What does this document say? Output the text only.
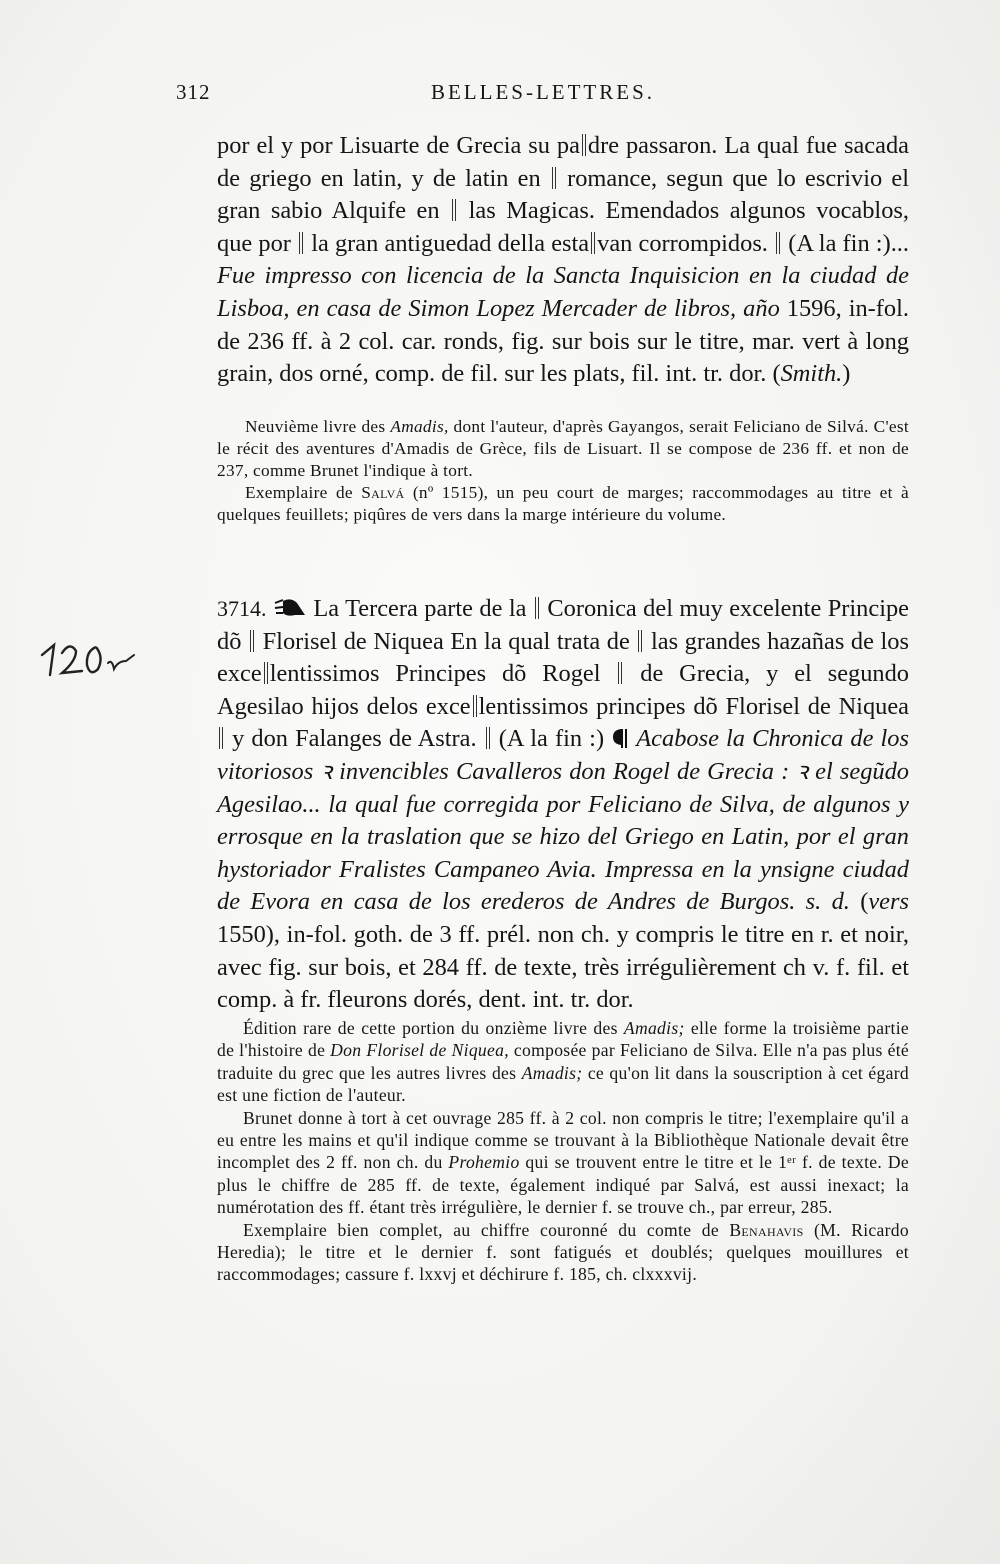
312	BELLES-LETTRES.
por el y por Lisuarte de Grecia su pa dre passaron. La qual fue sacada de griego en latin, y de latin en  romance, segun que lo escrivio el gran sabio Alquife en  las Magicas. Emendados algunos vocablos, que por  la gran antiguedad della esta van corrompidos.  (A la fin :)... Fue impresso con licencia de la Sancta Inquisicion en la ciudad de Lisboa, en casa de Simon Lopez Mercader de libros, año 1596, in-fol. de 236 ff. à 2 col. car. ronds, fig. sur bois sur le titre, mar. vert à long grain, dos orné, comp. de fil. sur les plats, fil. int. tr. dor. (Smith.)

Neuvième livre des Amadis, dont l'auteur, d'après Gayangos, serait Feliciano de Silvá. C'est le récit des aventures d'Amadis de Grèce, fils de Lisuart. Il se compose de 236 ff. et non de 237, comme Brunet l'indique à tort.

Exemplaire de Salvá (nº 1515), un peu court de marges; raccommodages au titre et à quelques feuillets; piqûres de vers dans la marge intérieure du volume.

3714.  La Tercera parte de la  Coronica del muy excelente Principe dõ  Florisel de Niquea En la qual trata de  las grandes hazañas de los exce lentissimos Principes dõ Rogel  de Grecia, y el segundo Agesilao hijos delos exce lentissimos principes dõ Florisel de Niquea  y don Falanges de Astra.  (A la fin :)  Acabose la Chronica de los vitoriosos ꝛ invencibles Cavalleros don Rogel de Grecia : ꝛ el segũdo Agesilao... la qual fue corregida por Feliciano de Silva, de algunos y errosque en la traslation que se hizo del Griego en Latin, por el gran hystoriador Fralistes Campaneo Avia. Impressa en la ynsigne ciudad de Evora en casa de los erederos de Andres de Burgos. s. d. (vers 1550), in-fol. goth. de 3 ff. prél. non ch. y compris le titre en r. et noir, avec fig. sur bois, et 284 ff. de texte, très irrégulièrement ch v. f. fil. et comp. à fr. fleurons dorés, dent. int. tr. dor.

Édition rare de cette portion du onzième livre des Amadis; elle forme la troisième partie de l'histoire de Don Florisel de Niquea, composée par Feliciano de Silva. Elle n'a pas plus été traduite du grec que les autres livres des Amadis; ce qu'on lit dans la souscription à cet égard est une fiction de l'auteur.

Brunet donne à tort à cet ouvrage 285 ff. à 2 col. non compris le titre; l'exemplaire qu'il a eu entre les mains et qu'il indique comme se trouvant à la Bibliothèque Nationale devait être incomplet des 2 ff. non ch. du Prohemio qui se trouvent entre le titre et le 1ᵉʳ f. de texte. De plus le chiffre de 285 ff. de texte, également indiqué par Salvá, est aussi inexact; la numérotation des ff. étant très irrégulière, le dernier f. se trouve ch., par erreur, 285.

Exemplaire bien complet, au chiffre couronné du comte de Benahavis (M. Ricardo Heredia); le titre et le dernier f. sont fatigués et doublés; quelques mouillures et raccommodages; cassure f. lxxvj et déchirure f. 185, ch. clxxxvij.
